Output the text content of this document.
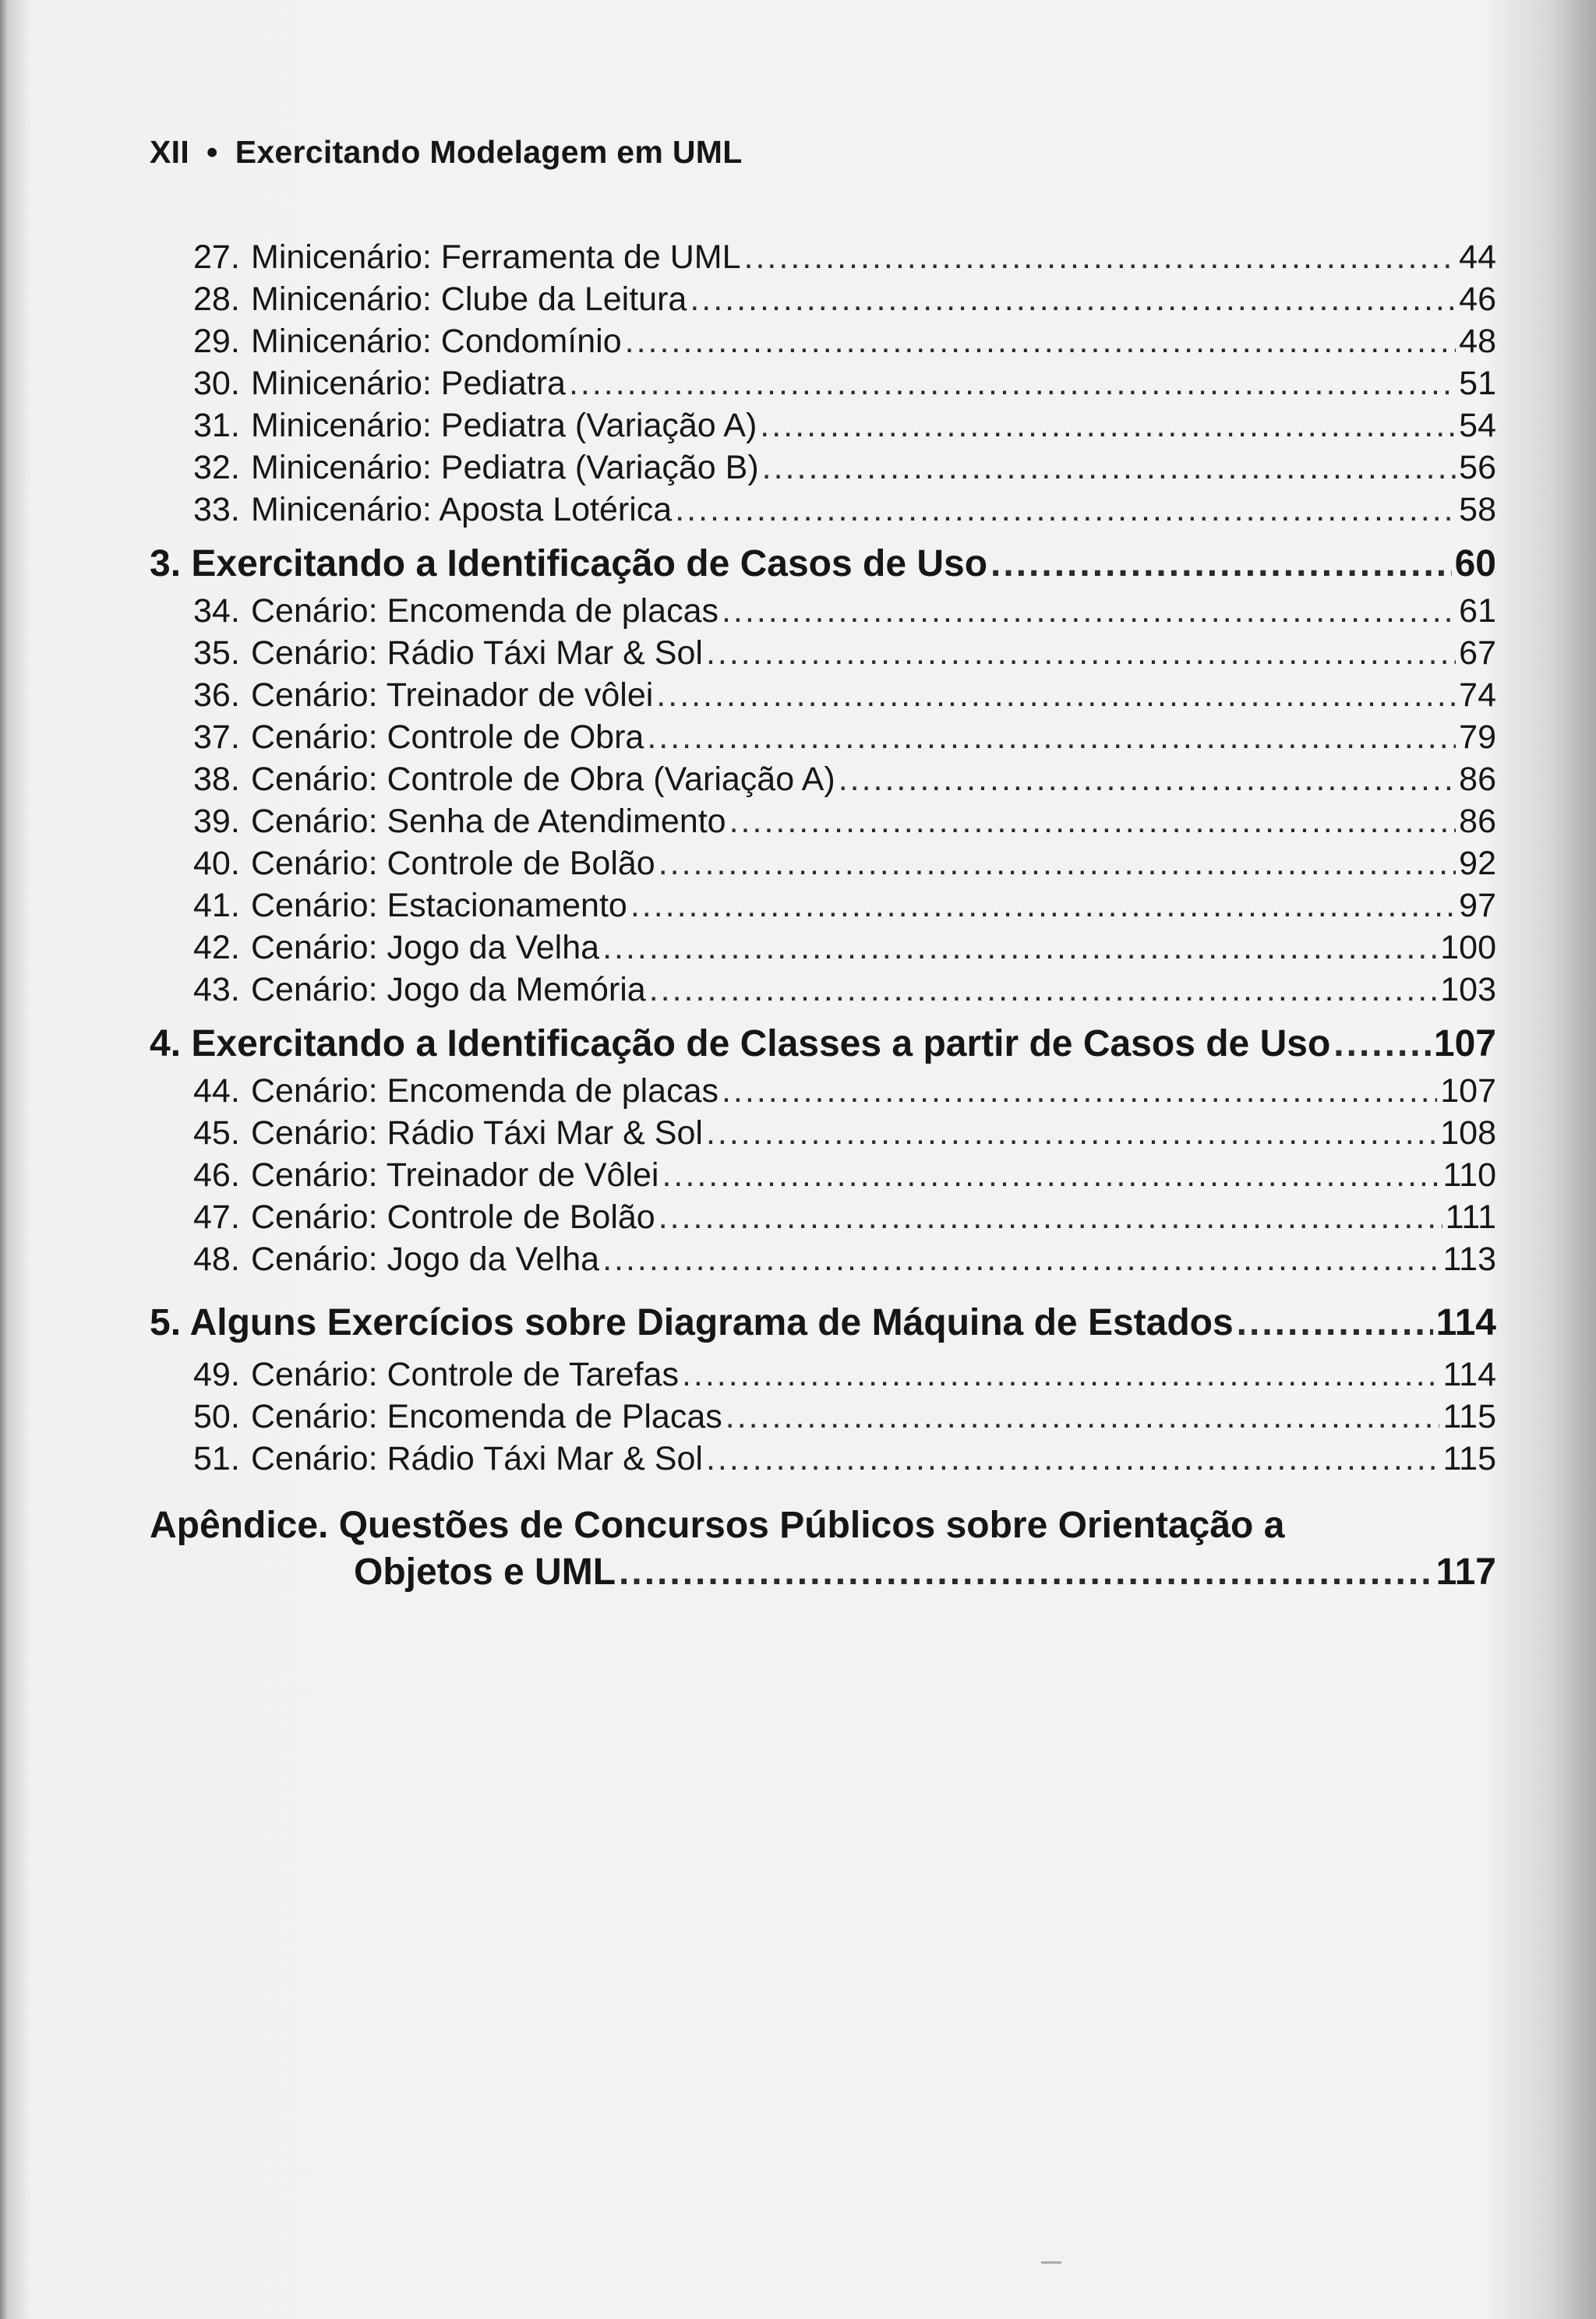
XII • Exercitando Modelagem em UML
27. Minicenário: Ferramenta de UML .....	44
28. Minicenário: Clube da Leitura .....	46
29. Minicenário: Condomínio .....	48
30. Minicenário: Pediatra .....	51
31. Minicenário: Pediatra (Variação A) .....	54
32. Minicenário: Pediatra (Variação B) .....	56
33. Minicenário: Aposta Lotérica .....	58
3. Exercitando a Identificação de Casos de Uso .....	60
34. Cenário: Encomenda de placas .....	61
35. Cenário: Rádio Táxi Mar & Sol .....	67
36. Cenário: Treinador de vôlei .....	74
37. Cenário: Controle de Obra .....	79
38. Cenário: Controle de Obra (Variação A) .....	86
39. Cenário: Senha de Atendimento .....	86
40. Cenário: Controle de Bolão .....	92
41. Cenário: Estacionamento .....	97
42. Cenário: Jogo da Velha .....	100
43. Cenário: Jogo da Memória .....	103
4. Exercitando a Identificação de Classes a partir de Casos de Uso .....	107
44. Cenário: Encomenda de placas .....	107
45. Cenário: Rádio Táxi Mar & Sol .....	108
46. Cenário: Treinador de Vôlei .....	110
47. Cenário: Controle de Bolão .....	111
48. Cenário: Jogo da Velha .....	113
5. Alguns Exercícios sobre Diagrama de Máquina de Estados .....	114
49. Cenário: Controle de Tarefas .....	114
50. Cenário: Encomenda de Placas .....	115
51. Cenário: Rádio Táxi Mar & Sol .....	115
Apêndice. Questões de Concursos Públicos sobre Orientação a
Objetos e UML .....	117
